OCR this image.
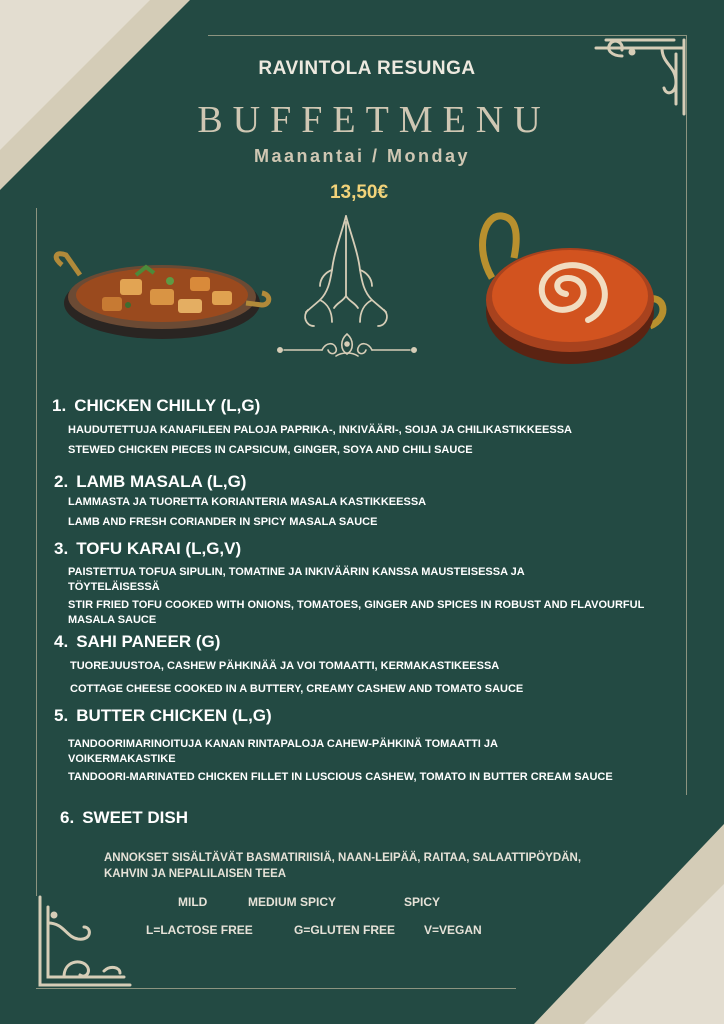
RAVINTOLA RESUNGA
BUFFETMENU
Maanantai / Monday
13,50€
1. CHICKEN CHILLY (L,G)
HAUDUTETTUJA KANAFILEEN PALOJA PAPRIKA-, INKIVÄÄRI-, SOIJA JA CHILIKASTIKKEESSA
STEWED CHICKEN PIECES IN CAPSICUM, GINGER, SOYA AND CHILI SAUCE
2. LAMB MASALA (L,G)
LAMMASTA JA TUORETTA KORIANTERIA MASALA KASTIKKEESSA
LAMB AND FRESH CORIANDER IN SPICY MASALA SAUCE
3. TOFU KARAI (L,G,V)
PAISTETTUA TOFUA SIPULIN, TOMATINE JA INKIVÄÄRIN KANSSA MAUSTEISESSA JA TÖYTELÄISESSÄ
STIR FRIED TOFU COOKED WITH ONIONS, TOMATOES, GINGER AND SPICES IN ROBUST AND FLAVOURFUL MASALA SAUCE
4. SAHI PANEER (G)
TUOREJUUSTOA, CASHEW PÄHKINÄÄ JA VOI TOMAATTI, KERMAKASTIKEESSA
COTTAGE CHEESE COOKED IN A BUTTERY, CREAMY CASHEW AND TOMATO SAUCE
5. BUTTER CHICKEN (L,G)
TANDOORIMARINOITUJA KANAN RINTAPALOJA CAHEW-PÄHKINÄ TOMAATTI JA VOIKERMAKASTIKE
TANDOORI-MARINATED CHICKEN FILLET IN LUSCIOUS CASHEW, TOMATO IN BUTTER CREAM SAUCE
6. SWEET DISH
ANNOKSET SISÄLTÄVÄT BASMATIRIISIÄ, NAAN-LEIPÄÄ, RAITAA, SALAATTIPÖYDÄN,
KAHVIN JA NEPALILAISEN TEEA
MILD	MEDIUM SPICY	SPICY
L=LACTOSE FREE	G=GLUTEN FREE V=VEGAN
